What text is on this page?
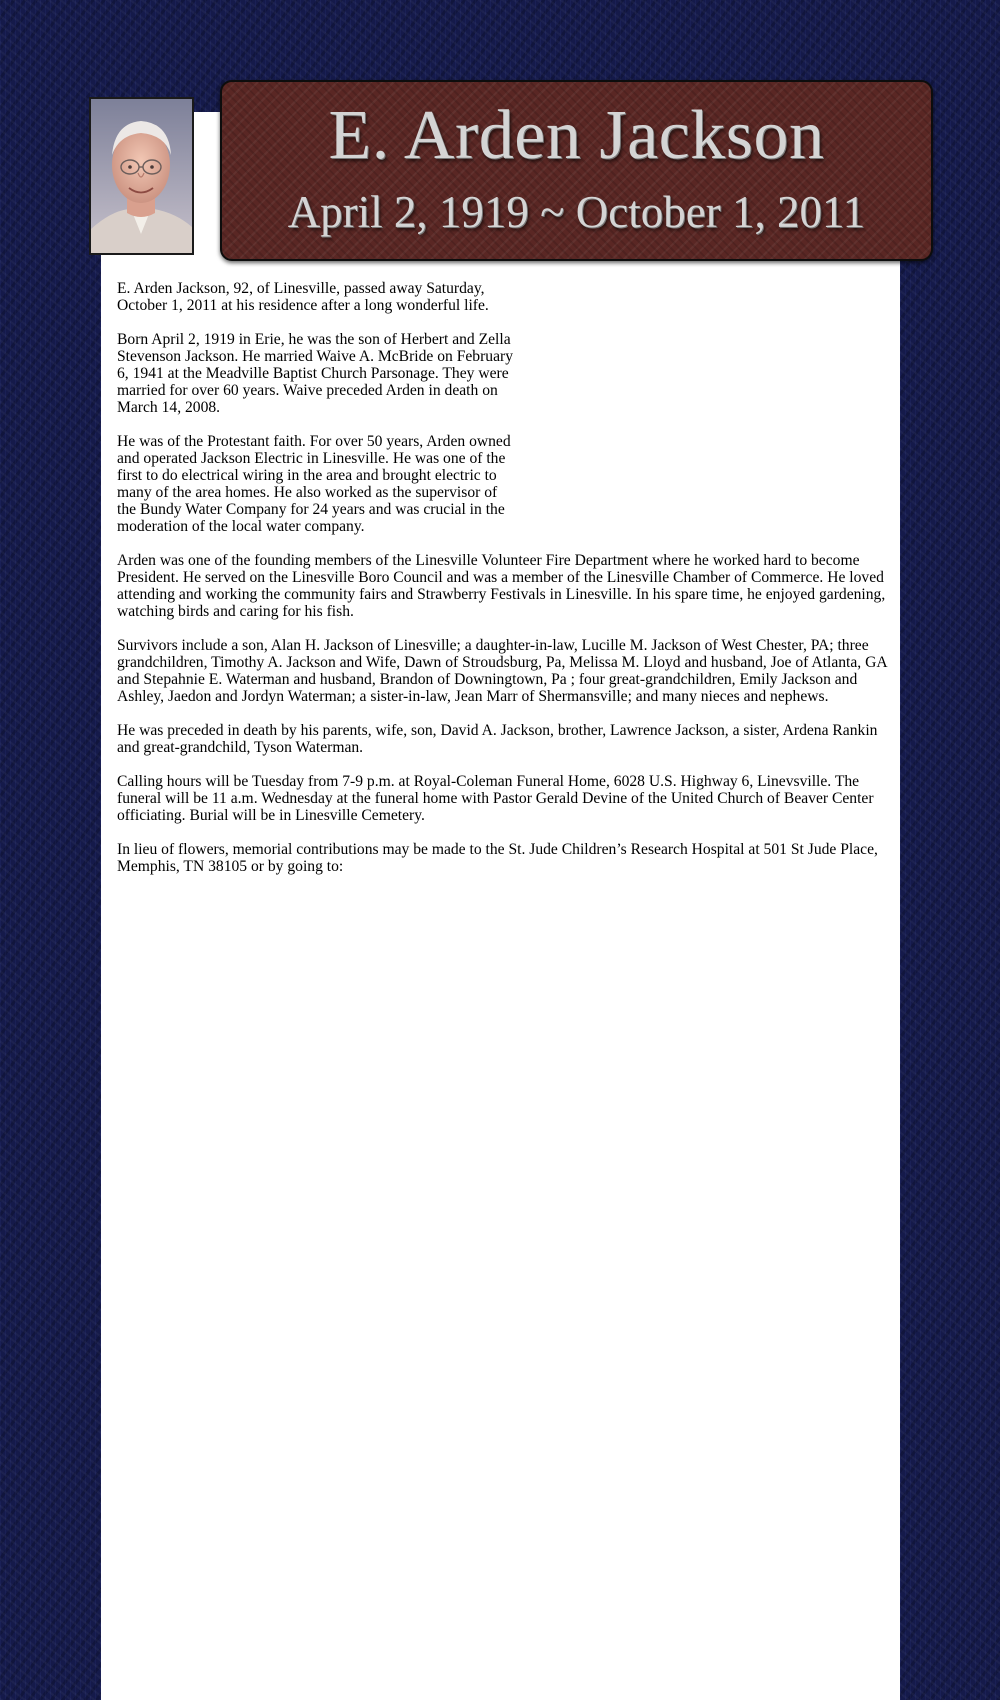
E. Arden Jackson
April 2, 1919 ~ October 1, 2011

E. Arden Jackson, 92, of Linesville, passed away Saturday, October 1, 2011 at his residence after a long wonderful life.

Born April 2, 1919 in Erie, he was the son of Herbert and Zella Stevenson Jackson. He married Waive A. McBride on February 6, 1941 at the Meadville Baptist Church Parsonage. They were married for over 60 years. Waive preceded Arden in death on March 14, 2008.

He was of the Protestant faith. For over 50 years, Arden owned and operated Jackson Electric in Linesville. He was one of the first to do electrical wiring in the area and brought electric to many of the area homes. He also worked as the supervisor of the Bundy Water Company for 24 years and was crucial in the moderation of the local water company.

Arden was one of the founding members of the Linesville Volunteer Fire Department where he worked hard to become President. He served on the Linesville Boro Council and was a member of the Linesville Chamber of Commerce. He loved attending and working the community fairs and Strawberry Festivals in Linesville. In his spare time, he enjoyed gardening, watching birds and caring for his fish.

Survivors include a son, Alan H. Jackson of Linesville; a daughter-in-law, Lucille M. Jackson of West Chester, PA; three grandchildren, Timothy A. Jackson and Wife, Dawn of Stroudsburg, Pa, Melissa M. Lloyd and husband, Joe of Atlanta, GA and Stepahnie E. Waterman and husband, Brandon of Downingtown, Pa ; four great-grandchildren, Emily Jackson and Ashley, Jaedon and Jordyn Waterman; a sister-in-law, Jean Marr of Shermansville; and many nieces and nephews.

He was preceded in death by his parents, wife, son, David A. Jackson, brother, Lawrence Jackson, a sister, Ardena Rankin and great-grandchild, Tyson Waterman.

Calling hours will be Tuesday from 7-9 p.m. at Royal-Coleman Funeral Home, 6028 U.S. Highway 6, Linevsville. The funeral will be 11 a.m. Wednesday at the funeral home with Pastor Gerald Devine of the United Church of Beaver Center officiating. Burial will be in Linesville Cemetery.

In lieu of flowers, memorial contributions may be made to the St. Jude Children’s Research Hospital at 501 St Jude Place, Memphis, TN 38105 or by going to:
